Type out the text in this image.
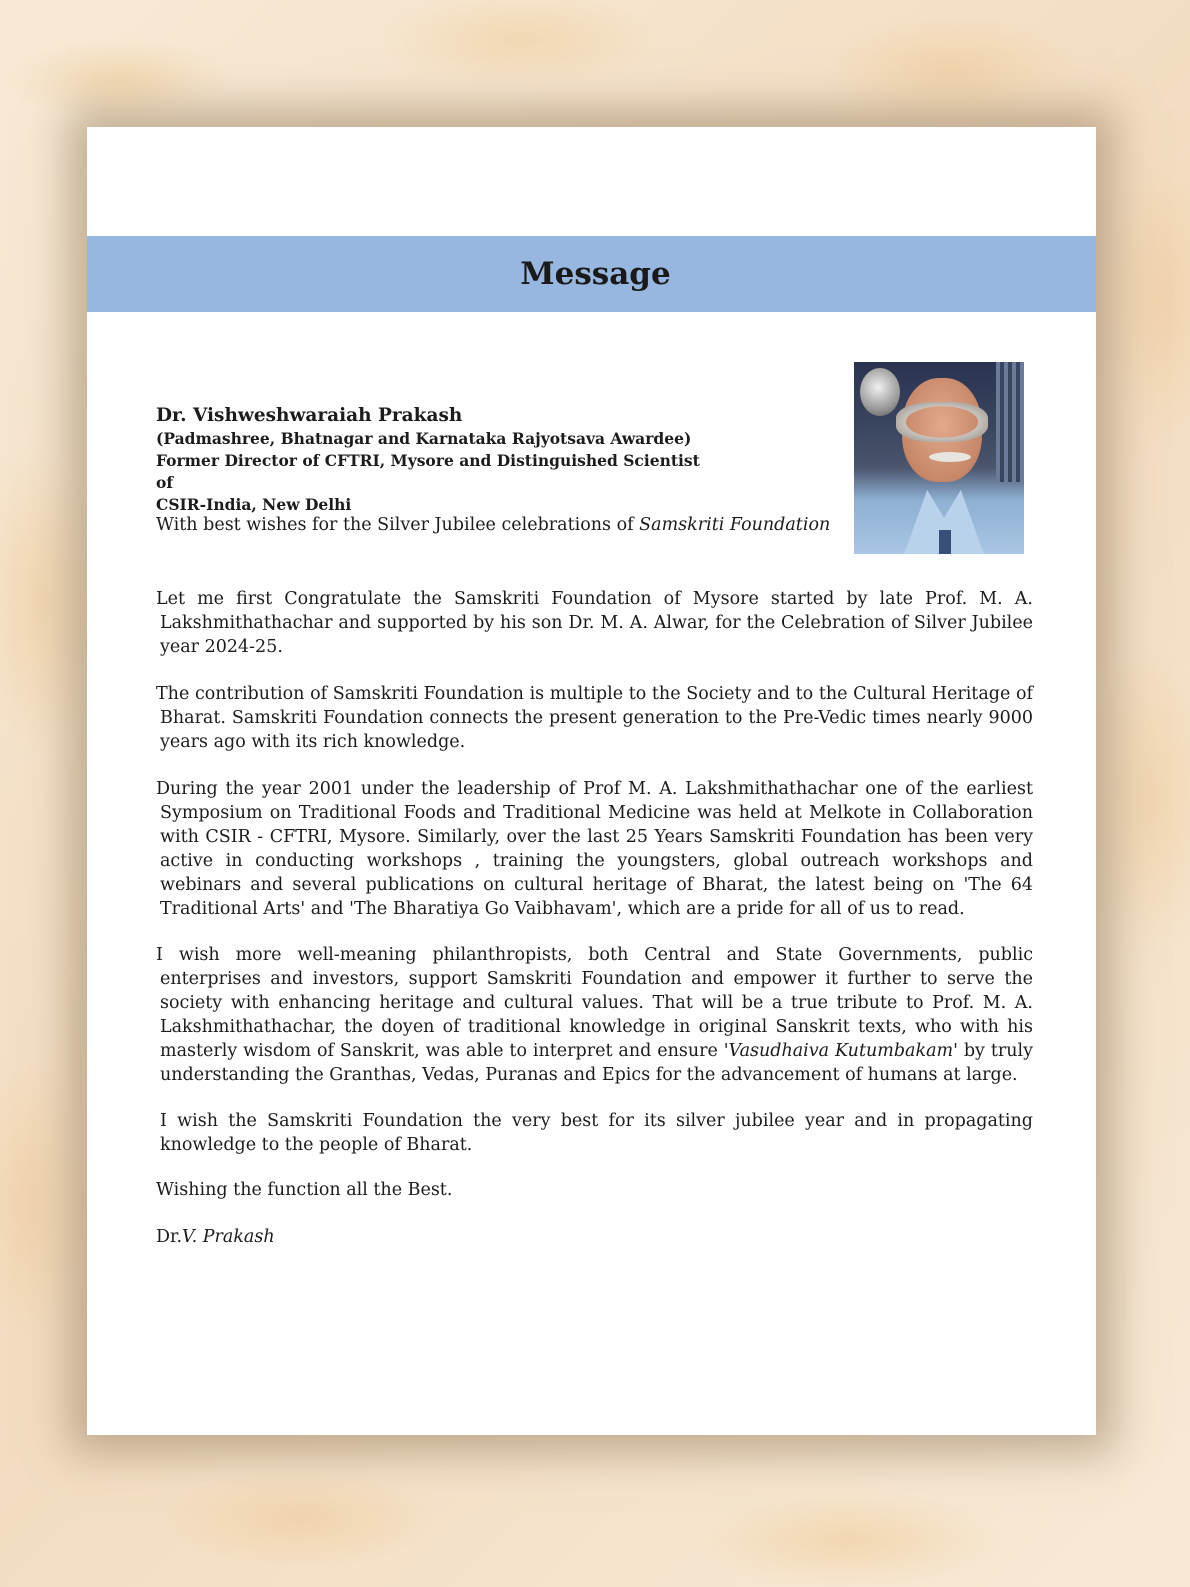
Message
Dr. Vishweshwaraiah Prakash
(Padmashree, Bhatnagar and Karnataka Rajyotsava Awardee)
Former Director of CFTRI, Mysore and Distinguished Scientist of
CSIR-India, New Delhi
With best wishes for the Silver Jubilee celebrations of Samskriti Foundation

Let me first Congratulate the Samskriti Foundation of Mysore started by late Prof. M. A. Lakshmithathachar and supported by his son Dr. M. A. Alwar, for the Celebration of Silver Jubilee year 2024-25.

The contribution of Samskriti Foundation is multiple to the Society and to the Cultural Heritage of Bharat. Samskriti Foundation connects the present generation to the Pre-Vedic times nearly 9000 years ago with its rich knowledge.

During the year 2001 under the leadership of Prof M. A. Lakshmithathachar one of the earliest Symposium on Traditional Foods and Traditional Medicine was held at Melkote in Collaboration with CSIR - CFTRI, Mysore. Similarly, over the last 25 Years Samskriti Foundation has been very active in conducting workshops , training the youngsters, global outreach workshops and webinars and several publications on cultural heritage of Bharat, the latest being on 'The 64 Traditional Arts' and 'The Bharatiya Go Vaibhavam', which are a pride for all of us to read.

I wish more well-meaning philanthropists, both Central and State Governments, public enterprises and investors, support Samskriti Foundation and empower it further to serve the society with enhancing heritage and cultural values. That will be a true tribute to Prof. M. A. Lakshmithathachar, the doyen of traditional knowledge in original Sanskrit texts, who with his masterly wisdom of Sanskrit, was able to interpret and ensure 'Vasudhaiva Kutumbakam' by truly understanding the Granthas, Vedas, Puranas and Epics for the advancement of humans at large.

I wish the Samskriti Foundation the very best for its silver jubilee year and in propagating knowledge to the people of Bharat.

Wishing the function all the Best.
Dr.V. Prakash
